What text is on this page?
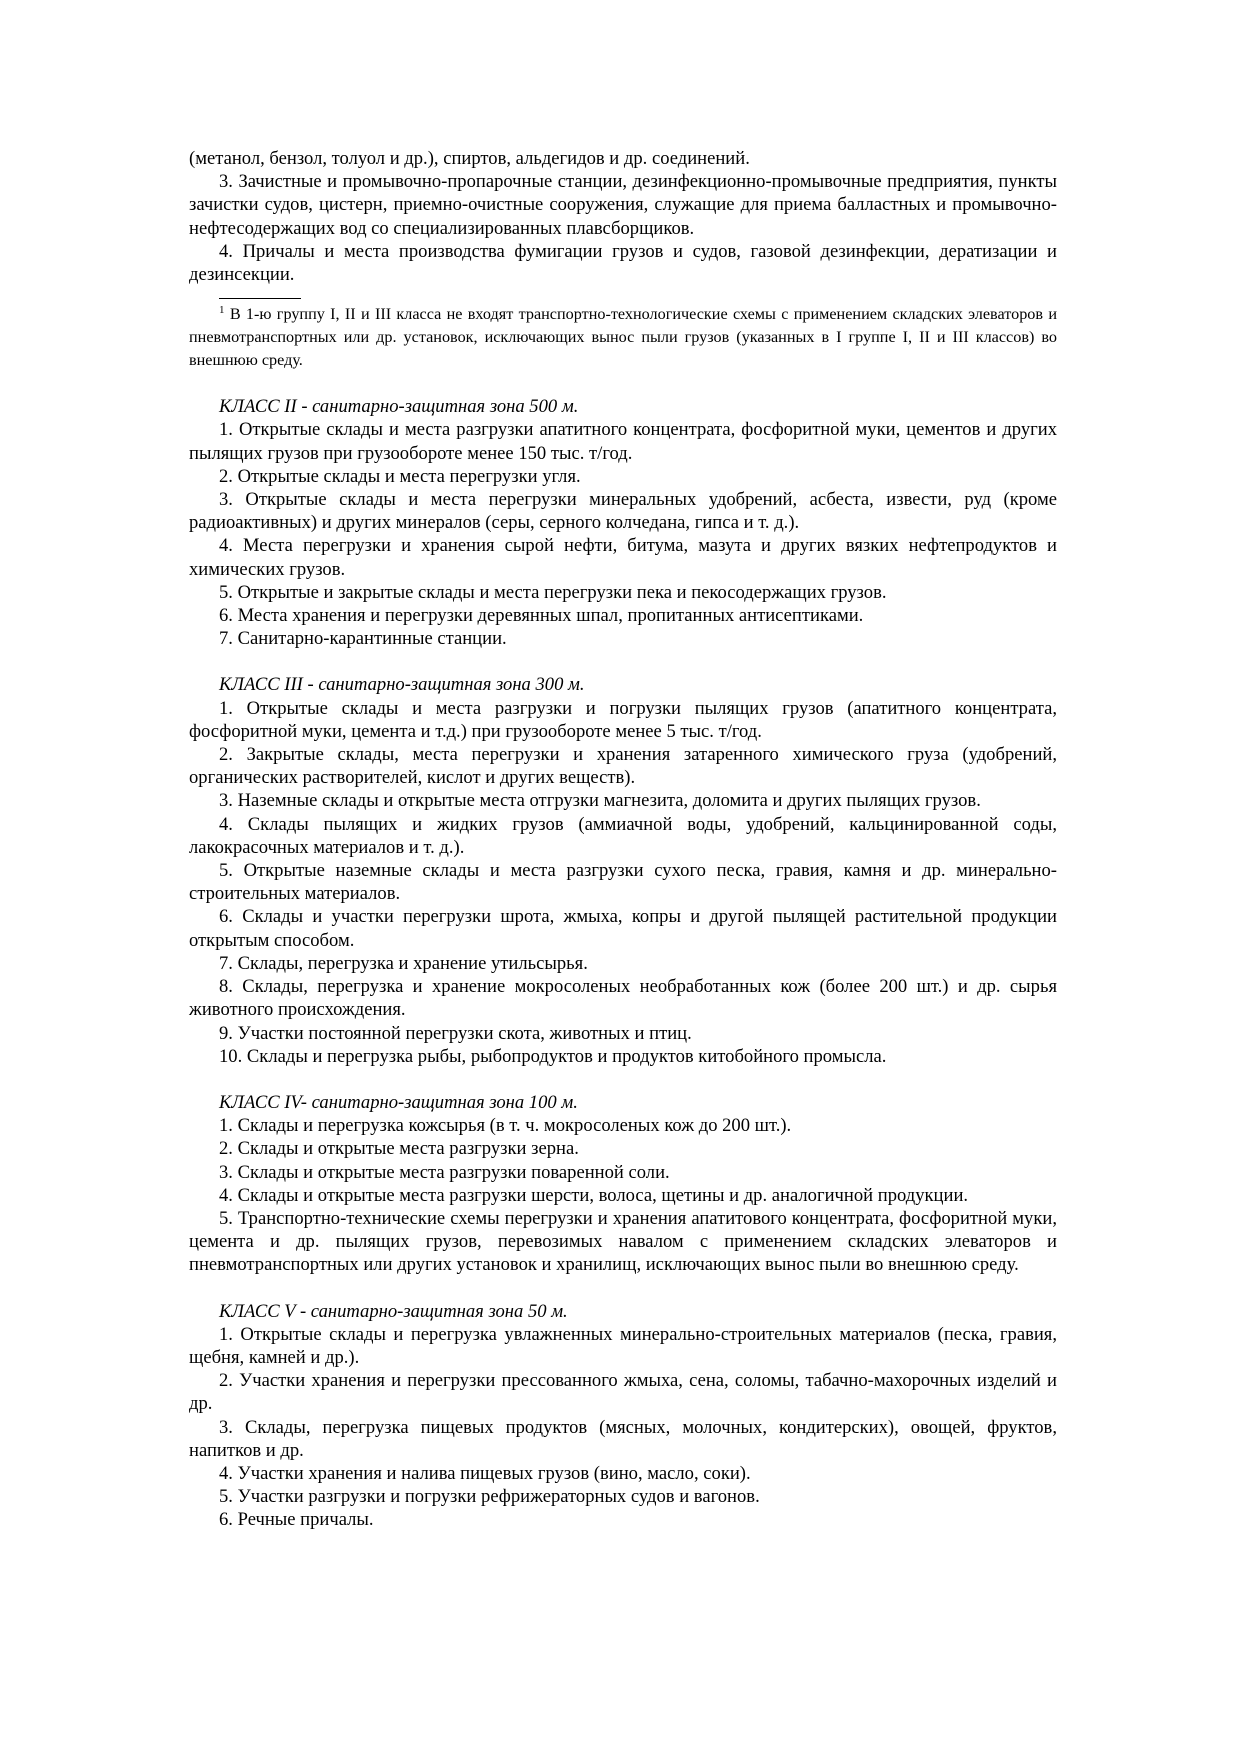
(метанол, бензол, толуол и др.), спиртов, альдегидов и др. соединений.

3. Зачистные и промывочно-пропарочные станции, дезинфекционно-промывочные предприятия, пункты зачистки судов, цистерн, приемно-очистные сооружения, служащие для приема балластных и промывочно-нефтесодержащих вод со специализированных плавсборщиков.

4. Причалы и места производства фумигации грузов и судов, газовой дезинфекции, дератизации и дезинсекции.

$^1$ В 1-ю группу I, II и III класса не входят транспортно-технологические схемы с применением складских элеваторов и пневмотранспортных или др. установок, исключающих вынос пыли грузов (указанных в I группе I, II и III классов) во внешнюю среду.

КЛАСС II - санитарно-защитная зона 500 м.

1. Открытые склады и места разгрузки апатитного концентрата, фосфоритной муки, цементов и других пылящих грузов при грузообороте менее 150 тыс. т/год.

2. Открытые склады и места перегрузки угля.

3. Открытые склады и места перегрузки минеральных удобрений, асбеста, извести, руд (кроме радиоактивных) и других минералов (серы, серного колчедана, гипса и т. д.).

4. Места перегрузки и хранения сырой нефти, битума, мазута и других вязких нефтепродуктов и химических грузов.

5. Открытые и закрытые склады и места перегрузки пека и пекосодержащих грузов.

6. Места хранения и перегрузки деревянных шпал, пропитанных антисептиками.

7. Санитарно-карантинные станции.

КЛАСС III - санитарно-защитная зона 300 м.

1. Открытые склады и места разгрузки и погрузки пылящих грузов (апатитного концентрата, фосфоритной муки, цемента и т.д.) при грузообороте менее 5 тыс. т/год.

2. Закрытые склады, места перегрузки и хранения затаренного химического груза (удобрений, органических растворителей, кислот и других веществ).

3. Наземные склады и открытые места отгрузки магнезита, доломита и других пылящих грузов.

4. Склады пылящих и жидких грузов (аммиачной воды, удобрений, кальцинированной соды, лакокрасочных материалов и т. д.).

5. Открытые наземные склады и места разгрузки сухого песка, гравия, камня и др. минерально-строительных материалов.

6. Склады и участки перегрузки шрота, жмыха, копры и другой пылящей растительной продукции открытым способом.

7. Склады, перегрузка и хранение утильсырья.

8. Склады, перегрузка и хранение мокросоленых необработанных кож (более 200 шт.) и др. сырья животного происхождения.

9. Участки постоянной перегрузки скота, животных и птиц.

10. Склады и перегрузка рыбы, рыбопродуктов и продуктов китобойного промысла.

КЛАСС IV- санитарно-защитная зона 100 м.

1. Склады и перегрузка кожсырья (в т. ч. мокросоленых кож до 200 шт.).

2. Склады и открытые места разгрузки зерна.

3. Склады и открытые места разгрузки поваренной соли.

4. Склады и открытые места разгрузки шерсти, волоса, щетины и др. аналогичной продукции.

5. Транспортно-технические схемы перегрузки и хранения апатитового концентрата, фосфоритной муки, цемента и др. пылящих грузов, перевозимых навалом с применением складских элеваторов и пневмотранспортных или других установок и хранилищ, исключающих вынос пыли во внешнюю среду.

КЛАСС V - санитарно-защитная зона 50 м.

1. Открытые склады и перегрузка увлажненных минерально-строительных материалов (песка, гравия, щебня, камней и др.).

2. Участки хранения и перегрузки прессованного жмыха, сена, соломы, табачно-махорочных изделий и др.

3. Склады, перегрузка пищевых продуктов (мясных, молочных, кондитерских), овощей, фруктов, напитков и др.

4. Участки хранения и налива пищевых грузов (вино, масло, соки).

5. Участки разгрузки и погрузки рефрижераторных судов и вагонов.

6. Речные причалы.
